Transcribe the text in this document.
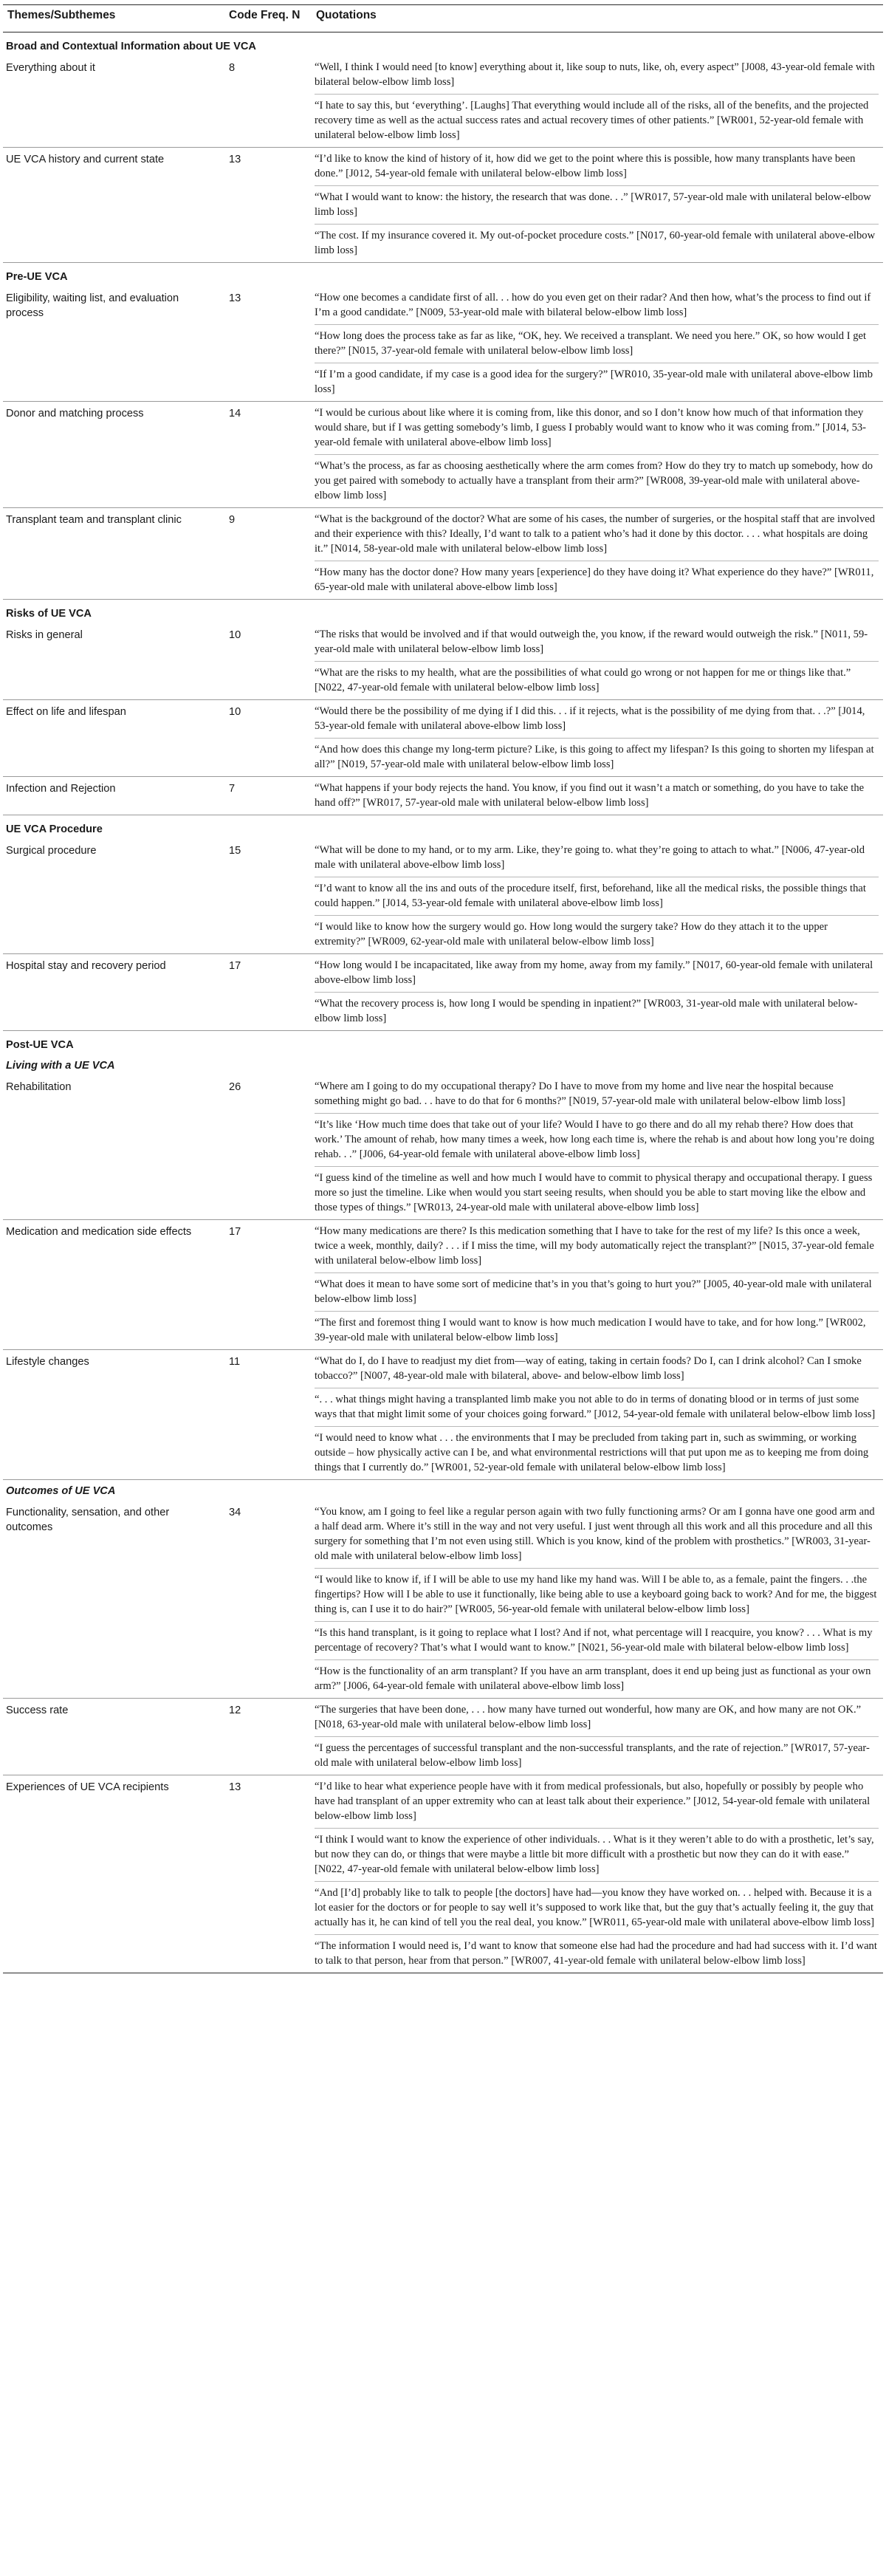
Themes/Subthemes	Code Freq. N	Quotations
Broad and Contextual Information about UE VCA		
Everything about it	8	“Well, I think I would need [to know] everything about it, like soup to nuts, like, oh, every aspect” [J008, 43-year-old female with bilateral below-elbow limb loss]
“I hate to say this, but ‘everything’. [Laughs] That everything would include all of the risks, all of the benefits, and the projected recovery time as well as the actual success rates and actual recovery times of other patients.” [WR001, 52-year-old female with unilateral below-elbow limb loss]

UE VCA history and current state	13	“I’d like to know the kind of history of it, how did we get to the point where this is possible, how many transplants have been done.” [J012, 54-year-old female with unilateral below-elbow limb loss]
“What I would want to know: the history, the research that was done. . .” [WR017, 57-year-old male with unilateral below-elbow limb loss]
“The cost. If my insurance covered it. My out-of-pocket procedure costs.” [N017, 60-year-old female with unilateral above-elbow limb loss]

Pre-UE VCA		
Eligibility, waiting list, and evaluation process	13	“How one becomes a candidate first of all. . . how do you even get on their radar? And then how, what’s the process to find out if I’m a good candidate.” [N009, 53-year-old male with bilateral below-elbow limb loss]
“How long does the process take as far as like, “OK, hey. We received a transplant. We need you here.” OK, so how would I get there?” [N015, 37-year-old female with unilateral below-elbow limb loss]
“If I’m a good candidate, if my case is a good idea for the surgery?” [WR010, 35-year-old male with unilateral above-elbow limb loss]

Donor and matching process	14	“I would be curious about like where it is coming from, like this donor, and so I don’t know how much of that information they would share, but if I was getting somebody’s limb, I guess I probably would want to know who it was coming from.” [J014, 53-year-old female with unilateral above-elbow limb loss]
“What’s the process, as far as choosing aesthetically where the arm comes from? How do they try to match up somebody, how do you get paired with somebody to actually have a transplant from their arm?” [WR008, 39-year-old male with unilateral above-elbow limb loss]

Transplant team and transplant clinic	9	“What is the background of the doctor? What are some of his cases, the number of surgeries, or the hospital staff that are involved and their experience with this? Ideally, I’d want to talk to a patient who’s had it done by this doctor. . . . what hospitals are doing it.” [N014, 58-year-old male with unilateral below-elbow limb loss]
“How many has the doctor done? How many years [experience] do they have doing it? What experience do they have?” [WR011, 65-year-old male with unilateral above-elbow limb loss]

Risks of UE VCA		
Risks in general	10	“The risks that would be involved and if that would outweigh the, you know, if the reward would outweigh the risk.” [N011, 59-year-old male with unilateral below-elbow limb loss]
“What are the risks to my health, what are the possibilities of what could go wrong or not happen for me or things like that.” [N022, 47-year-old female with unilateral below-elbow limb loss]

Effect on life and lifespan	10	“Would there be the possibility of me dying if I did this. . . if it rejects, what is the possibility of me dying from that. . .?” [J014, 53-year-old female with unilateral above-elbow limb loss]
“And how does this change my long-term picture? Like, is this going to affect my lifespan? Is this going to shorten my lifespan at all?” [N019, 57-year-old male with unilateral below-elbow limb loss]

Infection and Rejection	7	“What happens if your body rejects the hand. You know, if you find out it wasn’t a match or something, do you have to take the hand off?” [WR017, 57-year-old male with unilateral below-elbow limb loss]

UE VCA Procedure		
Surgical procedure	15	“What will be done to my hand, or to my arm. Like, they’re going to. what they’re going to attach to what.” [N006, 47-year-old male with unilateral above-elbow limb loss]
“I’d want to know all the ins and outs of the procedure itself, first, beforehand, like all the medical risks, the possible things that could happen.” [J014, 53-year-old female with unilateral above-elbow limb loss]
“I would like to know how the surgery would go. How long would the surgery take? How do they attach it to the upper extremity?” [WR009, 62-year-old male with unilateral below-elbow limb loss]

Hospital stay and recovery period	17	“How long would I be incapacitated, like away from my home, away from my family.” [N017, 60-year-old female with unilateral above-elbow limb loss]
“What the recovery process is, how long I would be spending in inpatient?” [WR003, 31-year-old male with unilateral below-elbow limb loss]

Post-UE VCA		
Living with a UE VCA		
Rehabilitation	26	“Where am I going to do my occupational therapy? Do I have to move from my home and live near the hospital because something might go bad. . . have to do that for 6 months?” [N019, 57-year-old male with unilateral below-elbow limb loss]
“It’s like ‘How much time does that take out of your life? Would I have to go there and do all my rehab there? How does that work.’ The amount of rehab, how many times a week, how long each time is, where the rehab is and about how long you’re doing rehab. . .” [J006, 64-year-old female with unilateral above-elbow limb loss]
“I guess kind of the timeline as well and how much I would have to commit to physical therapy and occupational therapy. I guess more so just the timeline. Like when would you start seeing results, when should you be able to start moving like the elbow and those types of things.” [WR013, 24-year-old male with unilateral above-elbow limb loss]

Medication and medication side effects	17	“How many medications are there? Is this medication something that I have to take for the rest of my life? Is this once a week, twice a week, monthly, daily? . . . if I miss the time, will my body automatically reject the transplant?” [N015, 37-year-old female with unilateral below-elbow limb loss]
“What does it mean to have some sort of medicine that’s in you that’s going to hurt you?” [J005, 40-year-old male with unilateral below-elbow limb loss]
“The first and foremost thing I would want to know is how much medication I would have to take, and for how long.” [WR002, 39-year-old male with unilateral below-elbow limb loss]

Lifestyle changes	11	“What do I, do I have to readjust my diet from—way of eating, taking in certain foods? Do I, can I drink alcohol? Can I smoke tobacco?” [N007, 48-year-old male with bilateral, above- and below-elbow limb loss]
“. . . what things might having a transplanted limb make you not able to do in terms of donating blood or in terms of just some ways that that might limit some of your choices going forward.” [J012, 54-year-old female with unilateral below-elbow limb loss]
“I would need to know what . . . the environments that I may be precluded from taking part in, such as swimming, or working outside – how physically active can I be, and what environmental restrictions will that put upon me as to keeping me from doing things that I currently do.” [WR001, 52-year-old female with unilateral below-elbow limb loss]

Outcomes of UE VCA		
Functionality, sensation, and other outcomes	34	“You know, am I going to feel like a regular person again with two fully functioning arms? Or am I gonna have one good arm and a half dead arm. Where it’s still in the way and not very useful. I just went through all this work and all this procedure and all this surgery for something that I’m not even using still. Which is you know, kind of the problem with prosthetics.” [WR003, 31-year-old male with unilateral below-elbow limb loss]
“I would like to know if, if I will be able to use my hand like my hand was. Will I be able to, as a female, paint the fingers. . .the fingertips? How will I be able to use it functionally, like being able to use a keyboard going back to work? And for me, the biggest thing is, can I use it to do hair?” [WR005, 56-year-old female with unilateral below-elbow limb loss]
“Is this hand transplant, is it going to replace what I lost? And if not, what percentage will I reacquire, you know? . . . What is my percentage of recovery? That’s what I would want to know.” [N021, 56-year-old male with bilateral below-elbow limb loss]
“How is the functionality of an arm transplant? If you have an arm transplant, does it end up being just as functional as your own arm?” [J006, 64-year-old female with unilateral above-elbow limb loss]

Success rate	12	“The surgeries that have been done, . . . how many have turned out wonderful, how many are OK, and how many are not OK.” [N018, 63-year-old male with unilateral below-elbow limb loss]
“I guess the percentages of successful transplant and the non-successful transplants, and the rate of rejection.” [WR017, 57-year-old male with unilateral below-elbow limb loss]

Experiences of UE VCA recipients	13	“I’d like to hear what experience people have with it from medical professionals, but also, hopefully or possibly by people who have had transplant of an upper extremity who can at least talk about their experience.” [J012, 54-year-old female with unilateral below-elbow limb loss]
“I think I would want to know the experience of other individuals. . . What is it they weren’t able to do with a prosthetic, let’s say, but now they can do, or things that were maybe a little bit more difficult with a prosthetic but now they can do it with ease.” [N022, 47-year-old female with unilateral below-elbow limb loss]
“And [I’d] probably like to talk to people [the doctors] have had—you know they have worked on. . . helped with. Because it is a lot easier for the doctors or for people to say well it’s supposed to work like that, but the guy that’s actually feeling it, the guy that actually has it, he can kind of tell you the real deal, you know.” [WR011, 65-year-old male with unilateral above-elbow limb loss]
“The information I would need is, I’d want to know that someone else had had the procedure and had had success with it. I’d want to talk to that person, hear from that person.” [WR007, 41-year-old female with unilateral below-elbow limb loss]
